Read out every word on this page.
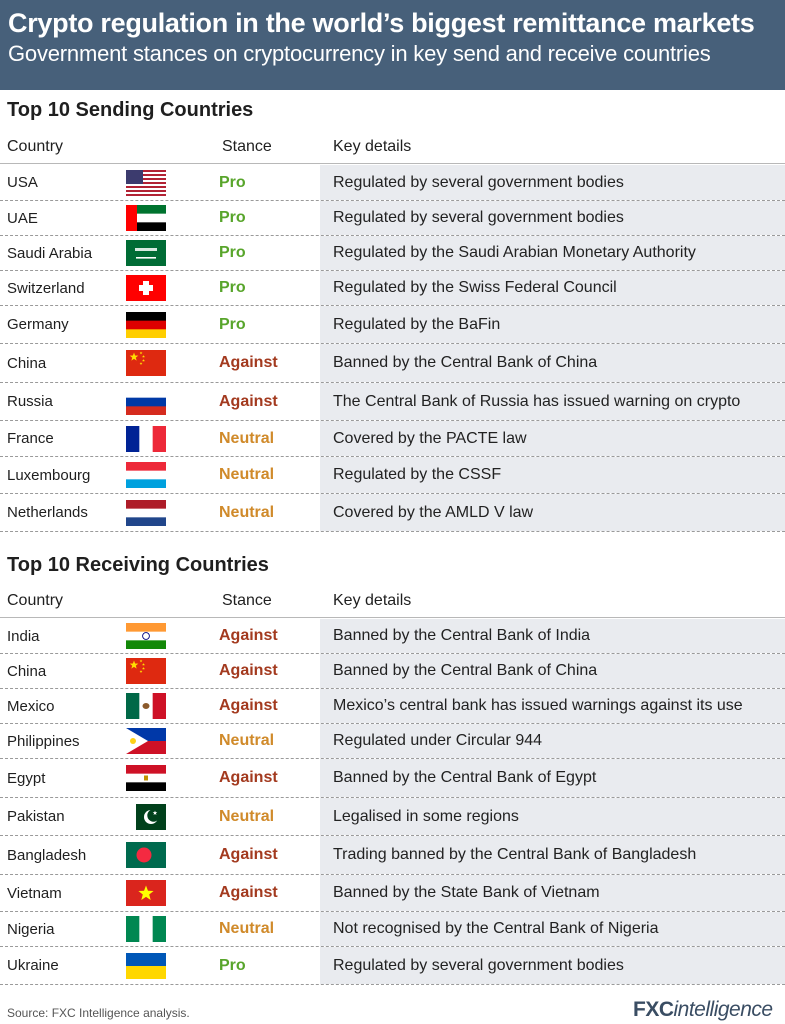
Crypto regulation in the world’s biggest remittance markets
Government stances on cryptocurrency in key send and receive countries
Top 10 Sending Countries
Country	Stance	Key details
USA	Pro	Regulated by several government bodies
UAE	Pro	Regulated by several government bodies
Saudi Arabia	Pro	Regulated by the Saudi Arabian Monetary Authority
Switzerland	Pro	Regulated by the Swiss Federal Council
Germany	Pro	Regulated by the BaFin
China	Against	Banned by the Central Bank of China
Russia	Against	The Central Bank of Russia has issued warning on crypto
France	Neutral	Covered by the PACTE law
Luxembourg	Neutral	Regulated by the CSSF
Netherlands	Neutral	Covered by the AMLD V law
Top 10 Receiving Countries
Country	Stance	Key details
India	Against	Banned by the Central Bank of India
China	Against	Banned by the Central Bank of China
Mexico	Against	Mexico’s central bank has issued warnings against its use
Philippines	Neutral	Regulated under Circular 944
Egypt	Against	Banned by the Central Bank of Egypt
Pakistan	Neutral	Legalised in some regions
Bangladesh	Against	Trading banned by the Central Bank of Bangladesh
Vietnam	Against	Banned by the State Bank of Vietnam
Nigeria	Neutral	Not recognised by the Central Bank of Nigeria
Ukraine	Pro	Regulated by several government bodies
Source: FXC Intelligence analysis.	FXCintelligence
